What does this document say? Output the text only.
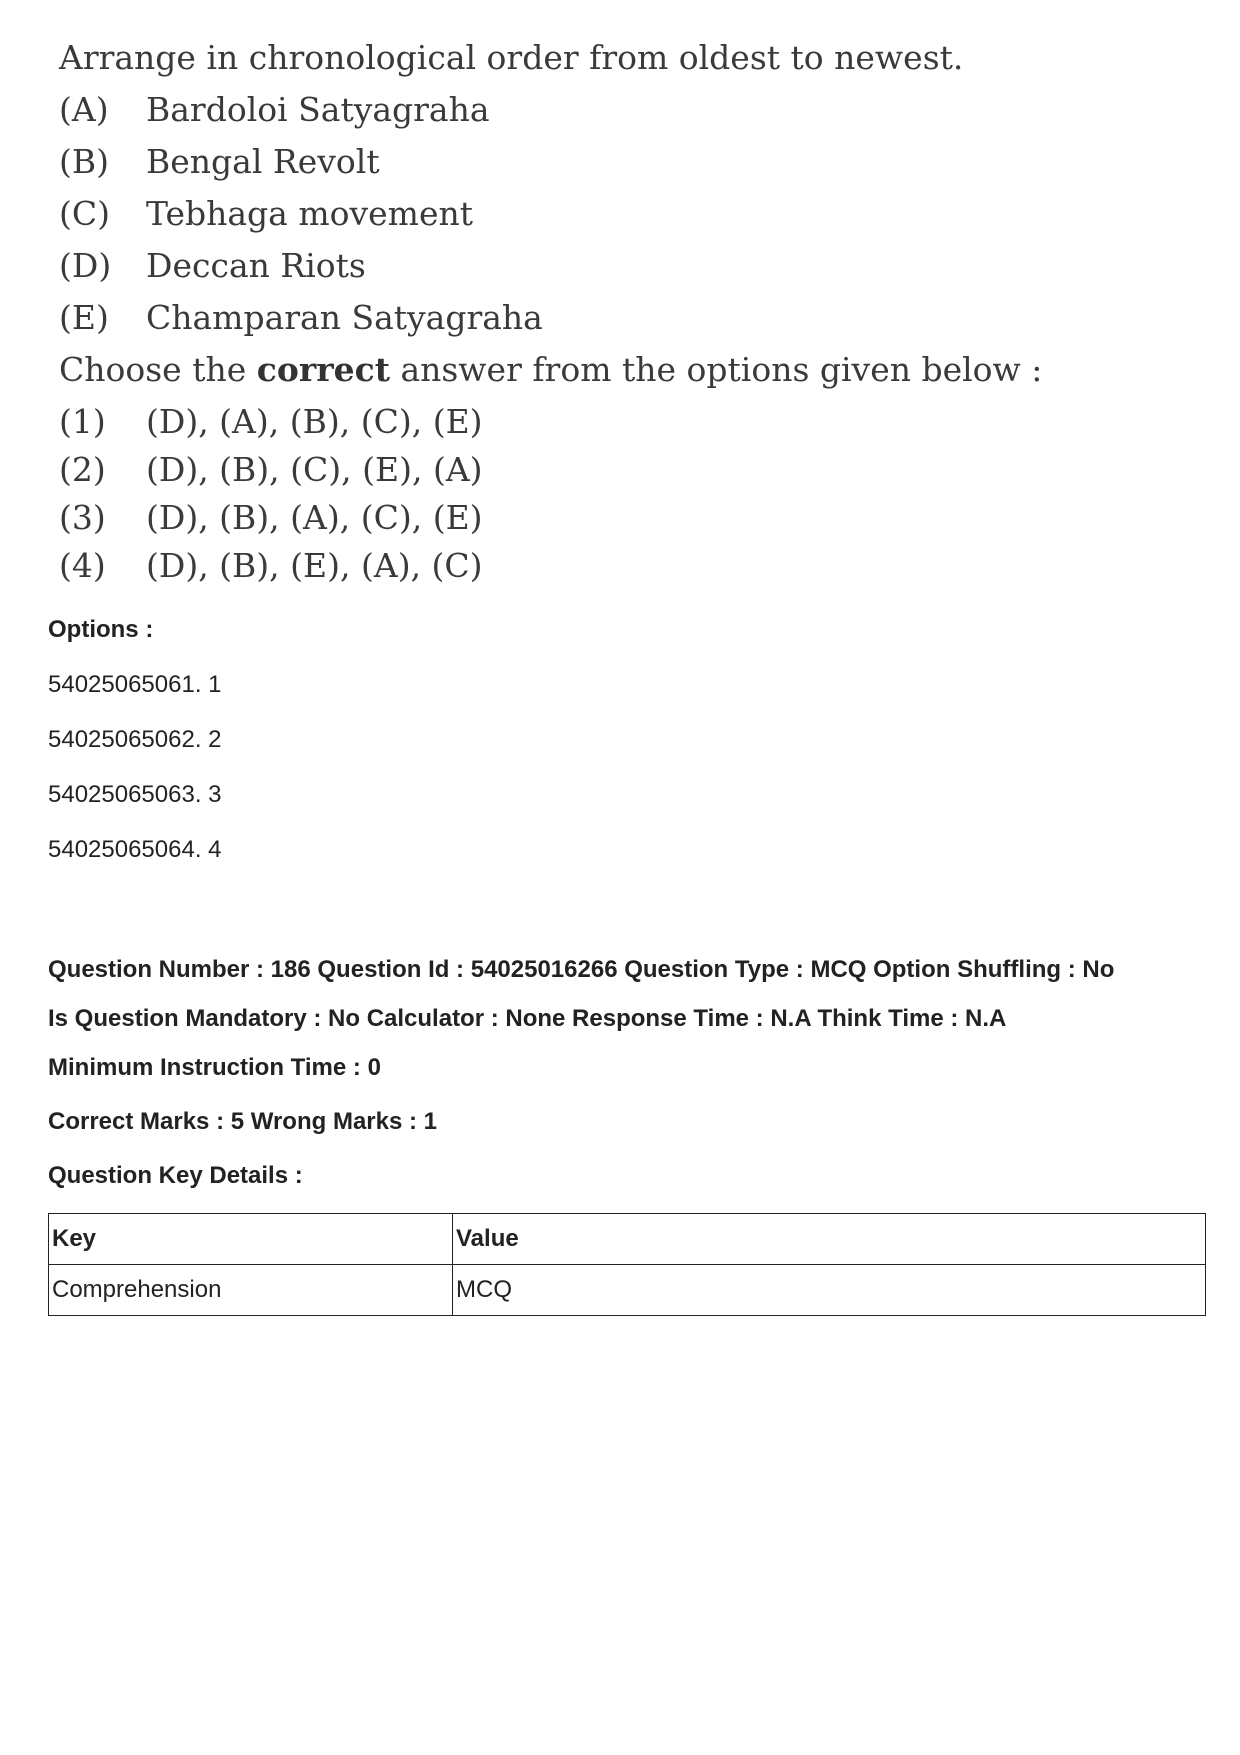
Arrange in chronological order from oldest to newest.
(A) Bardoloi Satyagraha
(B) Bengal Revolt
(C) Tebhaga movement
(D) Deccan Riots
(E) Champaran Satyagraha
Choose the correct answer from the options given below :
(1) (D), (A), (B), (C), (E)
(2) (D), (B), (C), (E), (A)
(3) (D), (B), (A), (C), (E)
(4) (D), (B), (E), (A), (C)
Options :
54025065061. 1
54025065062. 2
54025065063. 3
54025065064. 4
Question Number : 186 Question Id : 54025016266 Question Type : MCQ Option Shuffling : No
Is Question Mandatory : No Calculator : None Response Time : N.A Think Time : N.A
Minimum Instruction Time : 0
Correct Marks : 5 Wrong Marks : 1
Question Key Details :
Key	Value
Comprehension	MCQ
